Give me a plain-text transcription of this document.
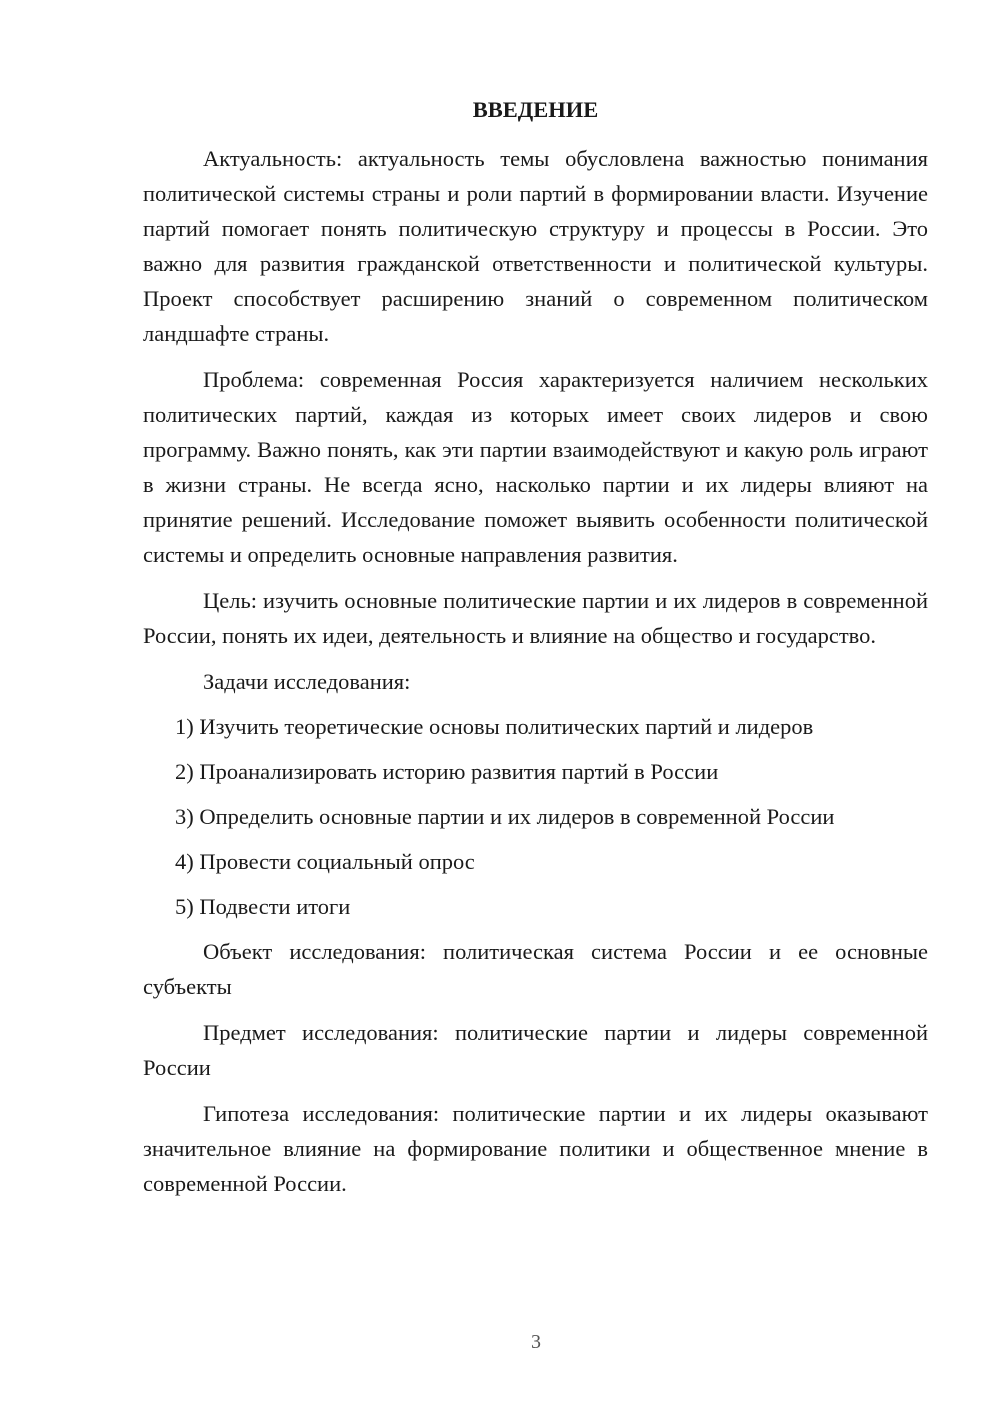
ВВЕДЕНИЕ

Актуальность: актуальность темы обусловлена важностью понимания политической системы страны и роли партий в формировании власти. Изучение партий помогает понять политическую структуру и процессы в России. Это важно для развития гражданской ответственности и политической культуры. Проект способствует расширению знаний о современном политическом ландшафте страны.

Проблема: современная Россия характеризуется наличием нескольких политических партий, каждая из которых имеет своих лидеров и свою программу. Важно понять, как эти партии взаимодействуют и какую роль играют в жизни страны. Не всегда ясно, насколько партии и их лидеры влияют на принятие решений. Исследование поможет выявить особенности политической системы и определить основные направления развития.

Цель: изучить основные политические партии и их лидеров в современной России, понять их идеи, деятельность и влияние на общество и государство.

Задачи исследования:

1) Изучить теоретические основы политических партий и лидеров
2) Проанализировать историю развития партий в России
3) Определить основные партии и их лидеров в современной России
4) Провести социальный опрос
5) Подвести итоги

Объект исследования: политическая система России и ее основные субъекты

Предмет исследования: политические партии и лидеры современной России

Гипотеза исследования: политические партии и их лидеры оказывают значительное влияние на формирование политики и общественное мнение в современной России.

3
